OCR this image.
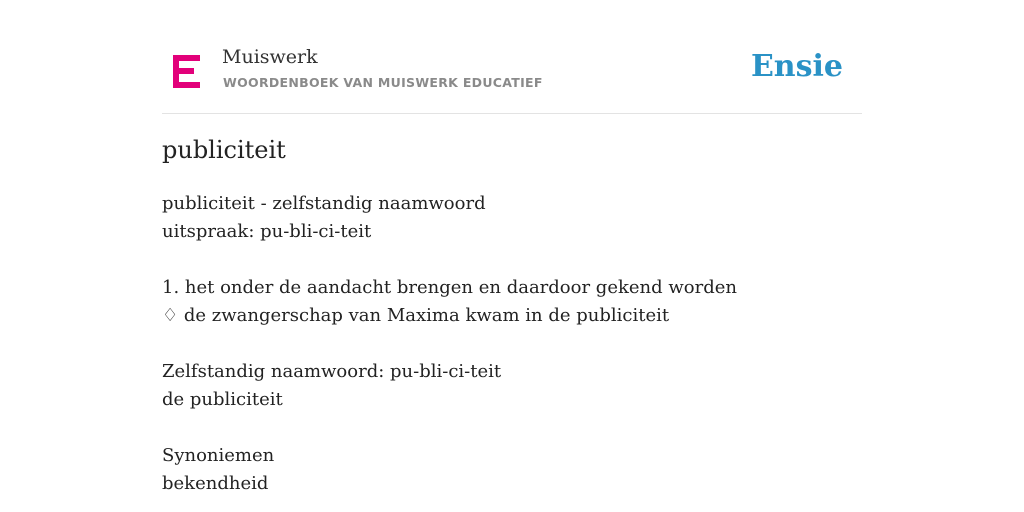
Muiswerk
WOORDENBOEK VAN MUISWERK EDUCATIEF	Ensie
publiciteit
publiciteit - zelfstandig naamwoord
uitspraak: pu-bli-ci-teit
1. het onder de aandacht brengen en daardoor gekend worden
♢ de zwangerschap van Maxima kwam in de publiciteit
Zelfstandig naamwoord: pu-bli-ci-teit
de publiciteit
Synoniemen
bekendheid
